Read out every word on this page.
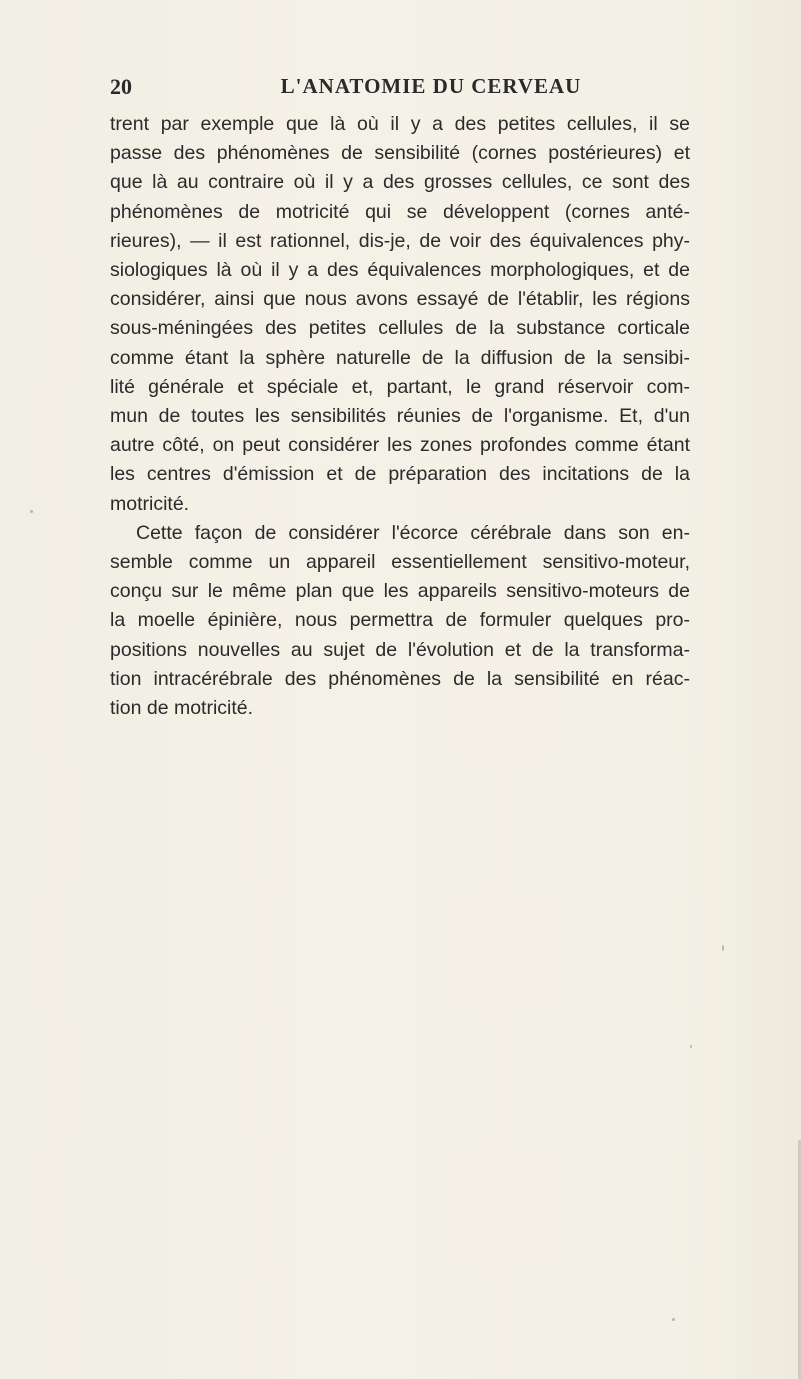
20	L'ANATOMIE DU CERVEAU
trent par exemple que là où il y a des petites cellules, il se
passe des phénomènes de sensibilité (cornes postérieures) et
que là au contraire où il y a des grosses cellules, ce sont des
phénomènes de motricité qui se développent (cornes anté-
rieures), — il est rationnel, dis-je, de voir des équivalences phy-
siologiques là où il y a des équivalences morphologiques, et de
considérer, ainsi que nous avons essayé de l'établir, les régions
sous-méningées des petites cellules de la substance corticale
comme étant la sphère naturelle de la diffusion de la sensibi-
lité générale et spéciale et, partant, le grand réservoir com-
mun de toutes les sensibilités réunies de l'organisme. Et, d'un
autre côté, on peut considérer les zones profondes comme étant
les centres d'émission et de préparation des incitations de la
motricité.
Cette façon de considérer l'écorce cérébrale dans son en-
semble comme un appareil essentiellement sensitivo-moteur,
conçu sur le même plan que les appareils sensitivo-moteurs de
la moelle épinière, nous permettra de formuler quelques pro-
positions nouvelles au sujet de l'évolution et de la transforma-
tion intracérébrale des phénomènes de la sensibilité en réac-
tion de motricité.
